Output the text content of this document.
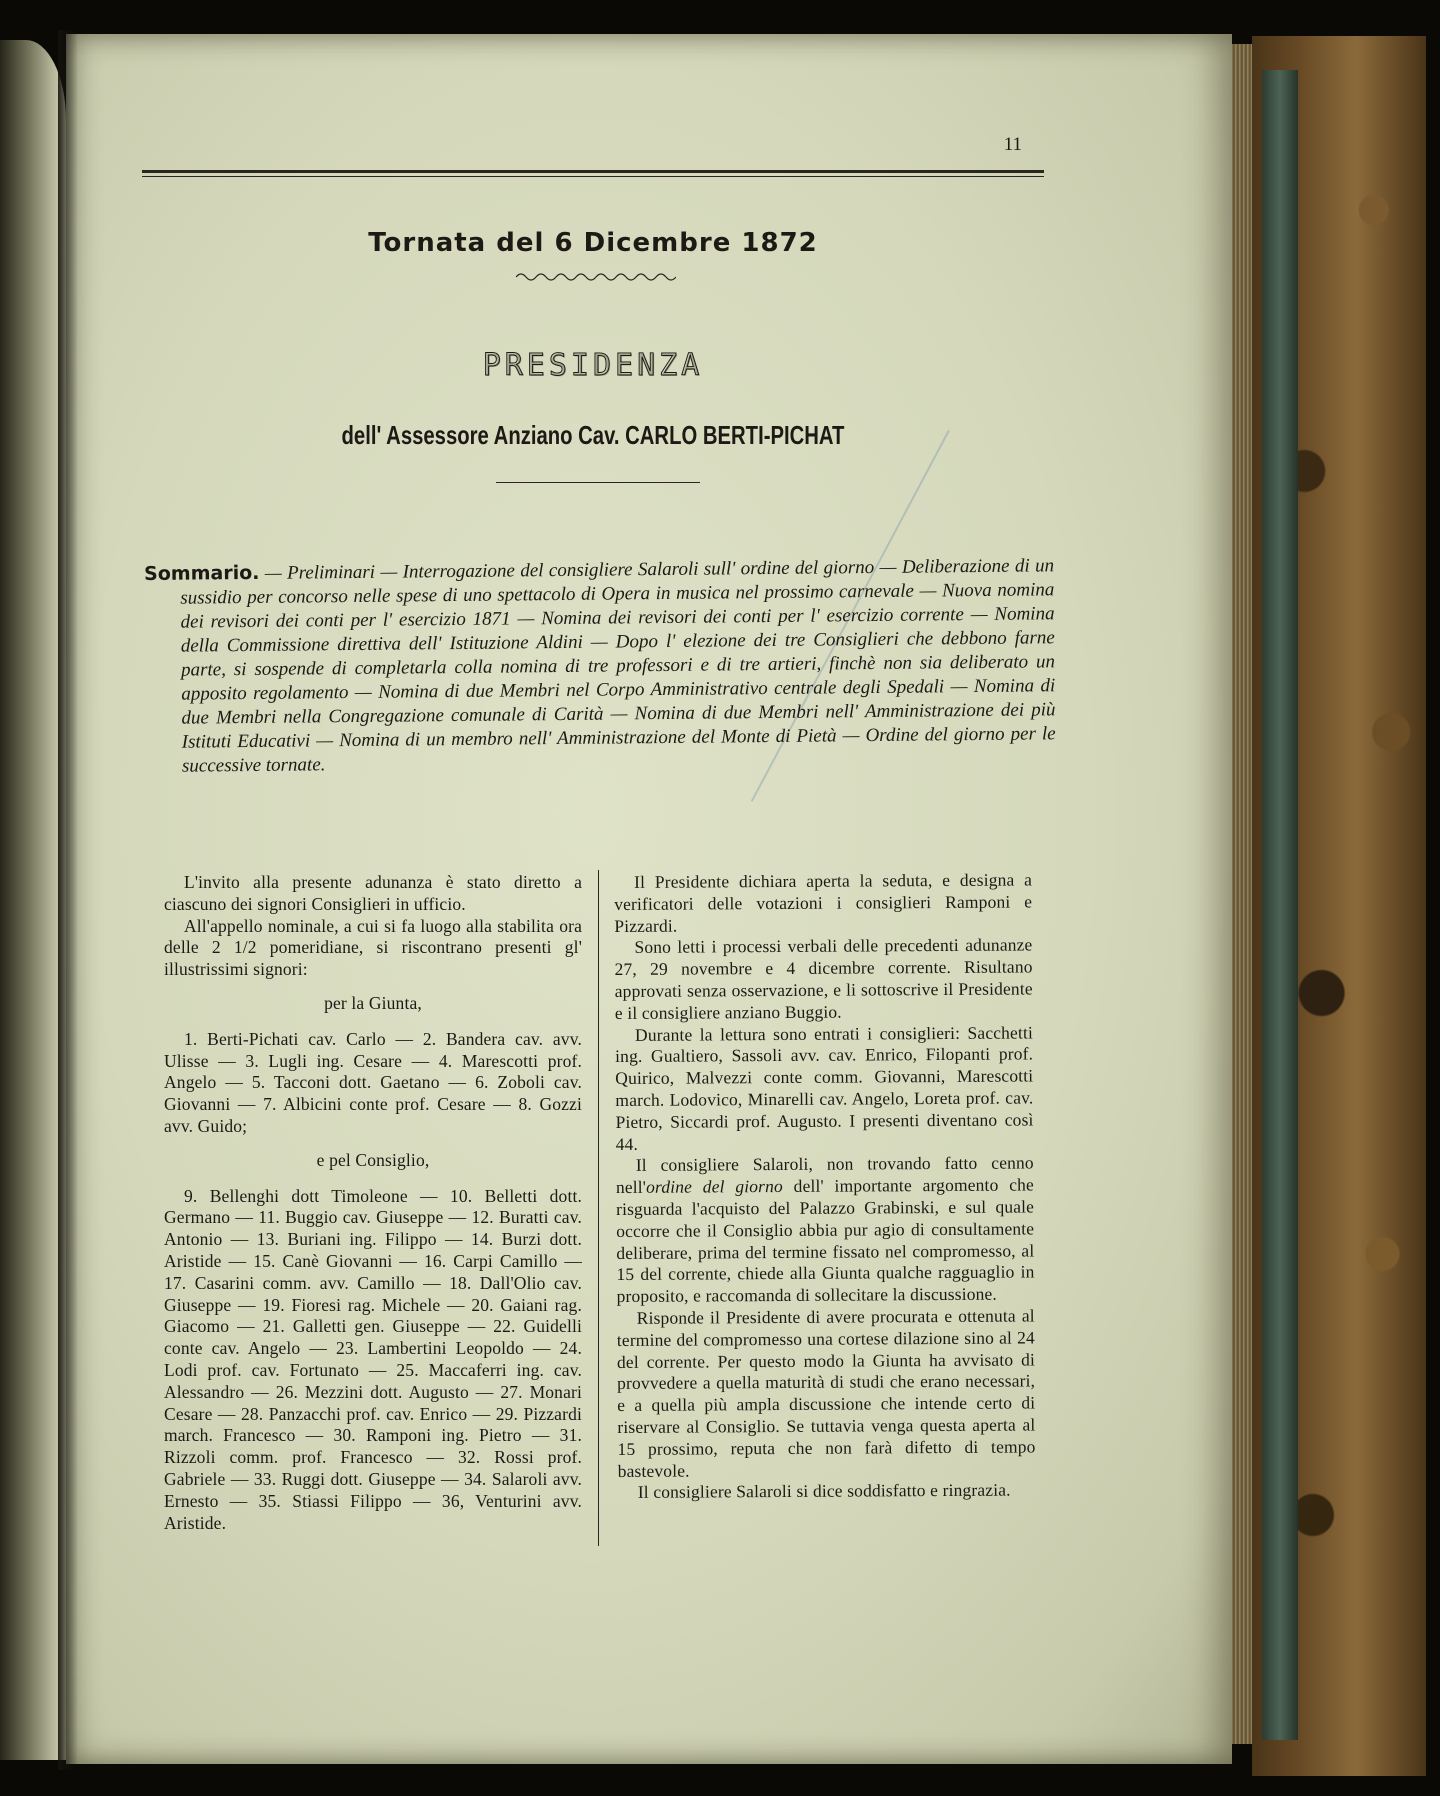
11
Tornata del 6 Dicembre 1872
PRESIDENZA
dell' Assessore Anziano Cav. CARLO BERTI-PICHAT
Sommario. — Preliminari — Interrogazione del consigliere Salaroli sull' ordine del giorno — Deliberazione di un sussidio per concorso nelle spese di uno spettacolo di Opera in musica nel prossimo carnevale — Nuova nomina dei revisori dei conti per l' esercizio 1871 — Nomina dei revisori dei conti per l' esercizio corrente — Nomina della Commissione direttiva dell' Istituzione Aldini — Dopo l' elezione dei tre Consiglieri che debbono farne parte, si sospende di completarla colla nomina di tre professori e di tre artieri, finchè non sia deliberato un apposito regolamento — Nomina di due Membri nel Corpo Amministrativo centrale degli Spedali — Nomina di due Membri nella Congregazione comunale di Carità — Nomina di due Membri nell' Amministrazione dei più Istituti Educativi — Nomina di un membro nell' Amministrazione del Monte di Pietà — Ordine del giorno per le successive tornate.

L'invito alla presente adunanza è stato diretto a ciascuno dei signori Consiglieri in ufficio.

All'appello nominale, a cui si fa luogo alla stabilita ora delle 2 1/2 pomeridiane, si riscontrano presenti gl' illustrissimi signori:

per la Giunta,

1. Berti-Pichati cav. Carlo — 2. Bandera cav. avv. Ulisse — 3. Lugli ing. Cesare — 4. Marescotti prof. Angelo — 5. Tacconi dott. Gaetano — 6. Zoboli cav. Giovanni — 7. Albicini conte prof. Cesare — 8. Gozzi avv. Guido;

e pel Consiglio,

9. Bellenghi dott Timoleone — 10. Belletti dott. Germano — 11. Buggio cav. Giuseppe — 12. Buratti cav. Antonio — 13. Buriani ing. Filippo — 14. Burzi dott. Aristide — 15. Canè Giovanni — 16. Carpi Camillo — 17. Casarini comm. avv. Camillo — 18. Dall'Olio cav. Giuseppe — 19. Fioresi rag. Michele — 20. Gaiani rag. Giacomo — 21. Galletti gen. Giuseppe — 22. Guidelli conte cav. Angelo — 23. Lambertini Leopoldo — 24. Lodi prof. cav. Fortunato — 25. Maccaferri ing. cav. Alessandro — 26. Mezzini dott. Augusto — 27. Monari Cesare — 28. Panzacchi prof. cav. Enrico — 29. Pizzardi march. Francesco — 30. Ramponi ing. Pietro — 31. Rizzoli comm. prof. Francesco — 32. Rossi prof. Gabriele — 33. Ruggi dott. Giuseppe — 34. Salaroli avv. Ernesto — 35. Stiassi Filippo — 36, Venturini avv. Aristide.

Il Presidente dichiara aperta la seduta, e designa a verificatori delle votazioni i consiglieri Ramponi e Pizzardi.

Sono letti i processi verbali delle precedenti adunanze 27, 29 novembre e 4 dicembre corrente. Risultano approvati senza osservazione, e li sottoscrive il Presidente e il consigliere anziano Buggio.

Durante la lettura sono entrati i consiglieri: Sacchetti ing. Gualtiero, Sassoli avv. cav. Enrico, Filopanti prof. Quirico, Malvezzi conte comm. Giovanni, Marescotti march. Lodovico, Minarelli cav. Angelo, Loreta prof. cav. Pietro, Siccardi prof. Augusto. I presenti diventano così 44.

Il consigliere Salaroli, non trovando fatto cenno nell'ordine del giorno dell' importante argomento che risguarda l'acquisto del Palazzo Grabinski, e sul quale occorre che il Consiglio abbia pur agio di consultamente deliberare, prima del termine fissato nel compromesso, al 15 del corrente, chiede alla Giunta qualche ragguaglio in proposito, e raccomanda di sollecitare la discussione.

Risponde il Presidente di avere procurata e ottenuta al termine del compromesso una cortese dilazione sino al 24 del corrente. Per questo modo la Giunta ha avvisato di provvedere a quella maturità di studi che erano necessari, e a quella più ampla discussione che intende certo di riservare al Consiglio. Se tuttavia venga questa aperta al 15 prossimo, reputa che non farà difetto di tempo bastevole.

Il consigliere Salaroli si dice soddisfatto e ringrazia.
